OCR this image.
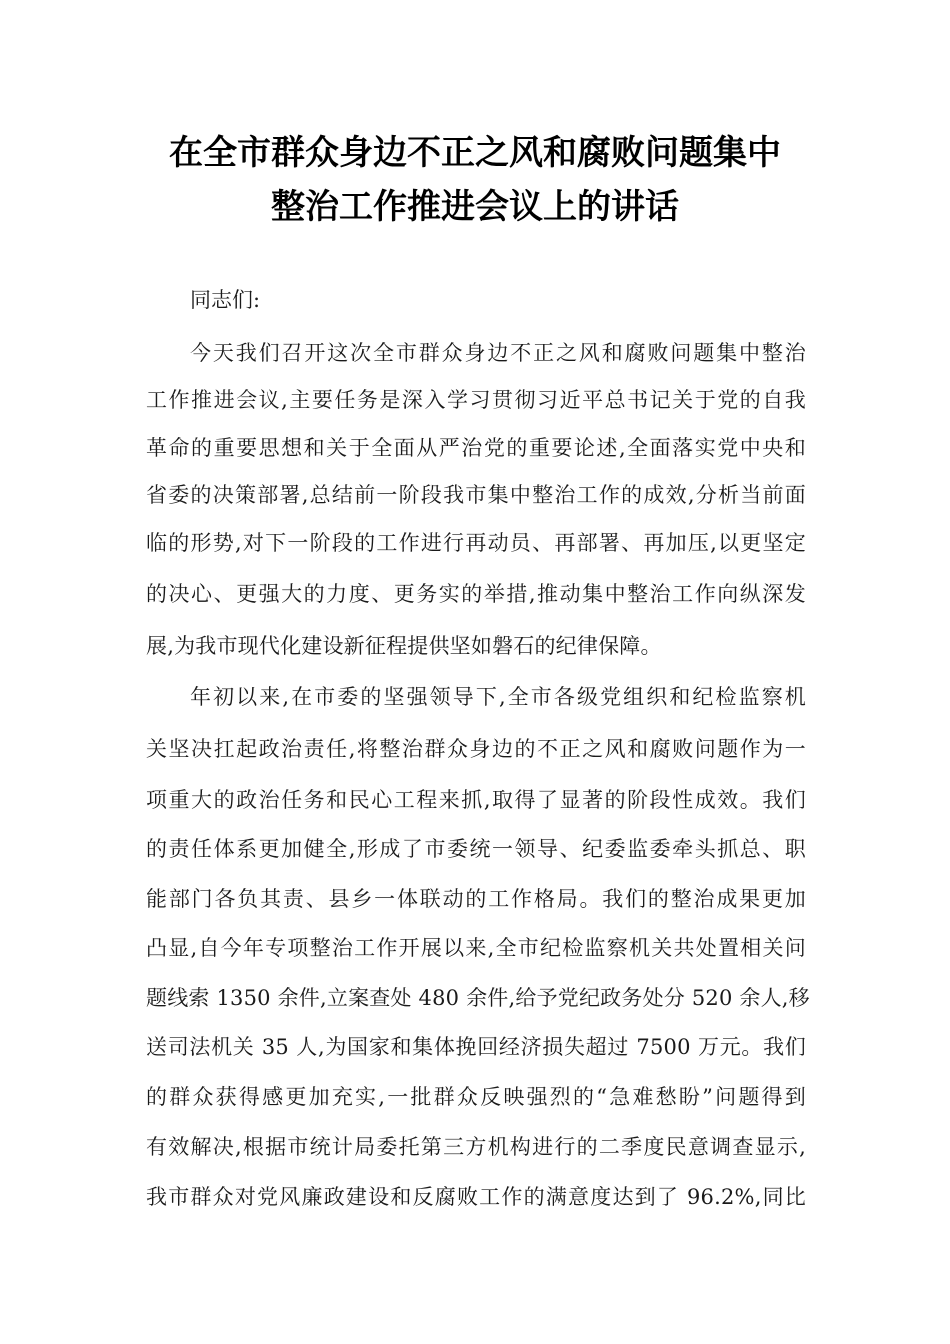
在全市群众身边不正之风和腐败问题集中
整治工作推进会议上的讲话
同志们:
今天我们召开这次全市群众身边不正之风和腐败问题集中整治
工作推进会议,主要任务是深入学习贯彻习近平总书记关于党的自我
革命的重要思想和关于全面从严治党的重要论述,全面落实党中央和
省委的决策部署,总结前一阶段我市集中整治工作的成效,分析当前面
临的形势,对下一阶段的工作进行再动员、再部署、再加压,以更坚定
的决心、更强大的力度、更务实的举措,推动集中整治工作向纵深发
展,为我市现代化建设新征程提供坚如磐石的纪律保障。
年初以来,在市委的坚强领导下,全市各级党组织和纪检监察机
关坚决扛起政治责任,将整治群众身边的不正之风和腐败问题作为一
项重大的政治任务和民心工程来抓,取得了显著的阶段性成效。我们
的责任体系更加健全,形成了市委统一领导、纪委监委牵头抓总、职
能部门各负其责、县乡一体联动的工作格局。我们的整治成果更加
凸显,自今年专项整治工作开展以来,全市纪检监察机关共处置相关问
题线索 1350 余件,立案查处 480 余件,给予党纪政务处分 520 余人,移
送司法机关 35 人,为国家和集体挽回经济损失超过 7500 万元。我们
的群众获得感更加充实,一批群众反映强烈的“急难愁盼”问题得到
有效解决,根据市统计局委托第三方机构进行的二季度民意调查显示,
我市群众对党风廉政建设和反腐败工作的满意度达到了 96.2%,同比
